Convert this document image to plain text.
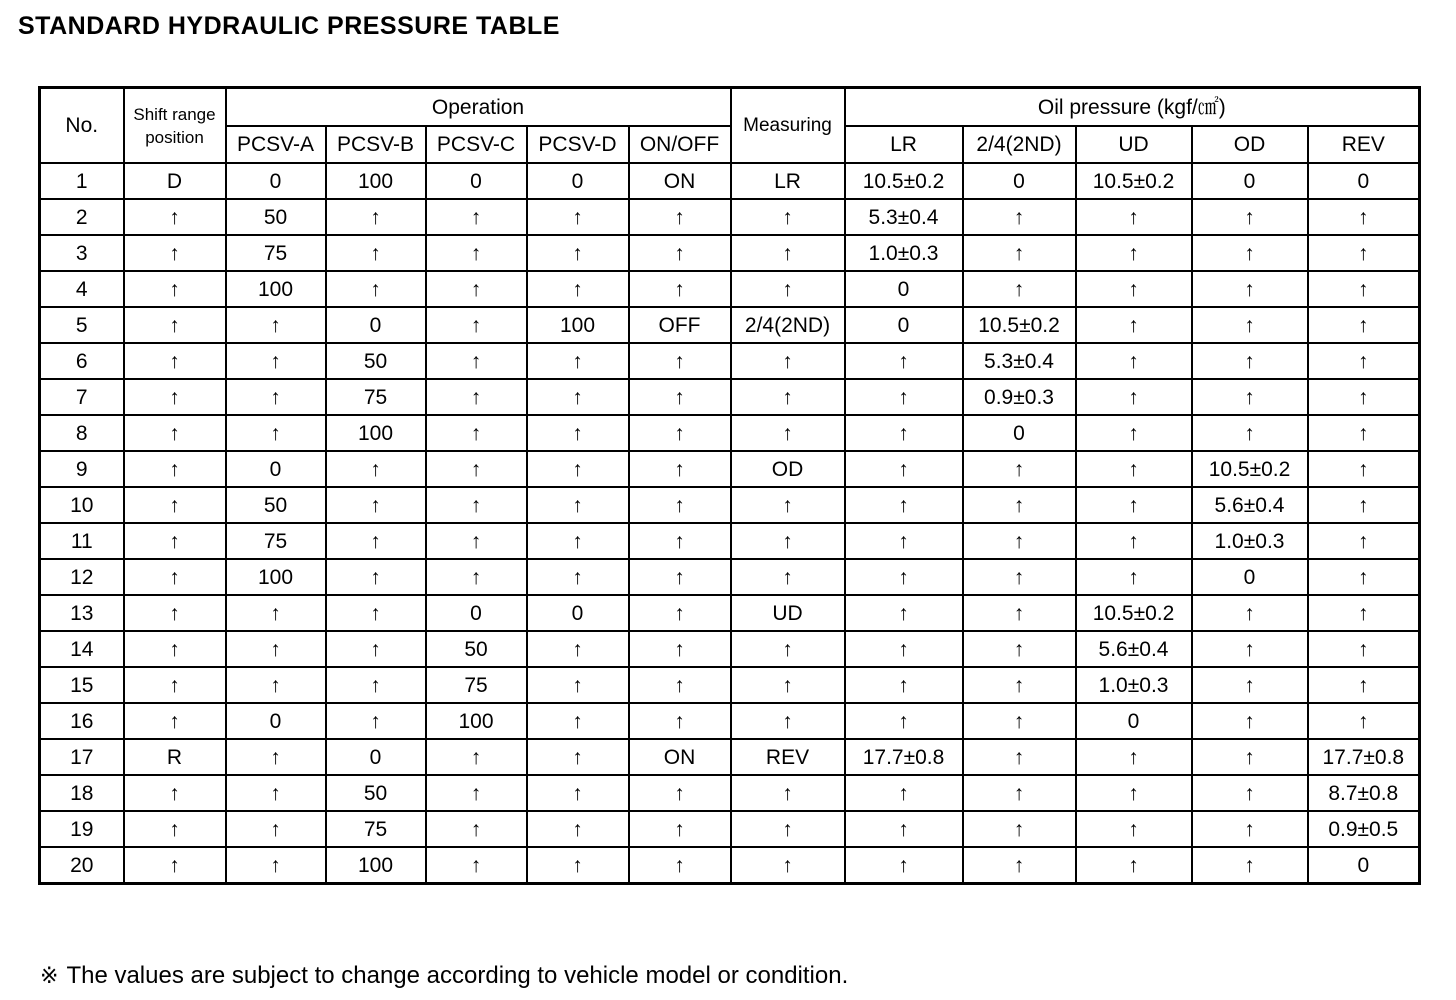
STANDARD HYDRAULIC PRESSURE TABLE
No.	Shift range position	Operation					Measuring	Oil pressure (kgf/㎠)				
		PCSV-A	PCSV-B	PCSV-C	PCSV-D	ON/OFF		LR	2/4(2ND)	UD	OD	REV
1	D	0	100	0	0	ON	LR	10.5±0.2	0	10.5±0.2	0	0
2	↑	50	↑	↑	↑	↑	↑	5.3±0.4	↑	↑	↑	↑
3	↑	75	↑	↑	↑	↑	↑	1.0±0.3	↑	↑	↑	↑
4	↑	100	↑	↑	↑	↑	↑	0	↑	↑	↑	↑
5	↑	↑	0	↑	100	OFF	2/4(2ND)	0	10.5±0.2	↑	↑	↑
6	↑	↑	50	↑	↑	↑	↑	↑	5.3±0.4	↑	↑	↑
7	↑	↑	75	↑	↑	↑	↑	↑	0.9±0.3	↑	↑	↑
8	↑	↑	100	↑	↑	↑	↑	↑	0	↑	↑	↑
9	↑	0	↑	↑	↑	↑	OD	↑	↑	↑	10.5±0.2	↑
10	↑	50	↑	↑	↑	↑	↑	↑	↑	↑	5.6±0.4	↑
11	↑	75	↑	↑	↑	↑	↑	↑	↑	↑	1.0±0.3	↑
12	↑	100	↑	↑	↑	↑	↑	↑	↑	↑	0	↑
13	↑	↑	↑	0	0	↑	UD	↑	↑	10.5±0.2	↑	↑
14	↑	↑	↑	50	↑	↑	↑	↑	↑	5.6±0.4	↑	↑
15	↑	↑	↑	75	↑	↑	↑	↑	↑	1.0±0.3	↑	↑
16	↑	0	↑	100	↑	↑	↑	↑	↑	0	↑	↑
17	R	↑	0	↑	↑	ON	REV	17.7±0.8	↑	↑	↑	17.7±0.8
18	↑	↑	50	↑	↑	↑	↑	↑	↑	↑	↑	8.7±0.8
19	↑	↑	75	↑	↑	↑	↑	↑	↑	↑	↑	0.9±0.5
20	↑	↑	100	↑	↑	↑	↑	↑	↑	↑	↑	0
※ The values are subject to change according to vehicle model or condition.
